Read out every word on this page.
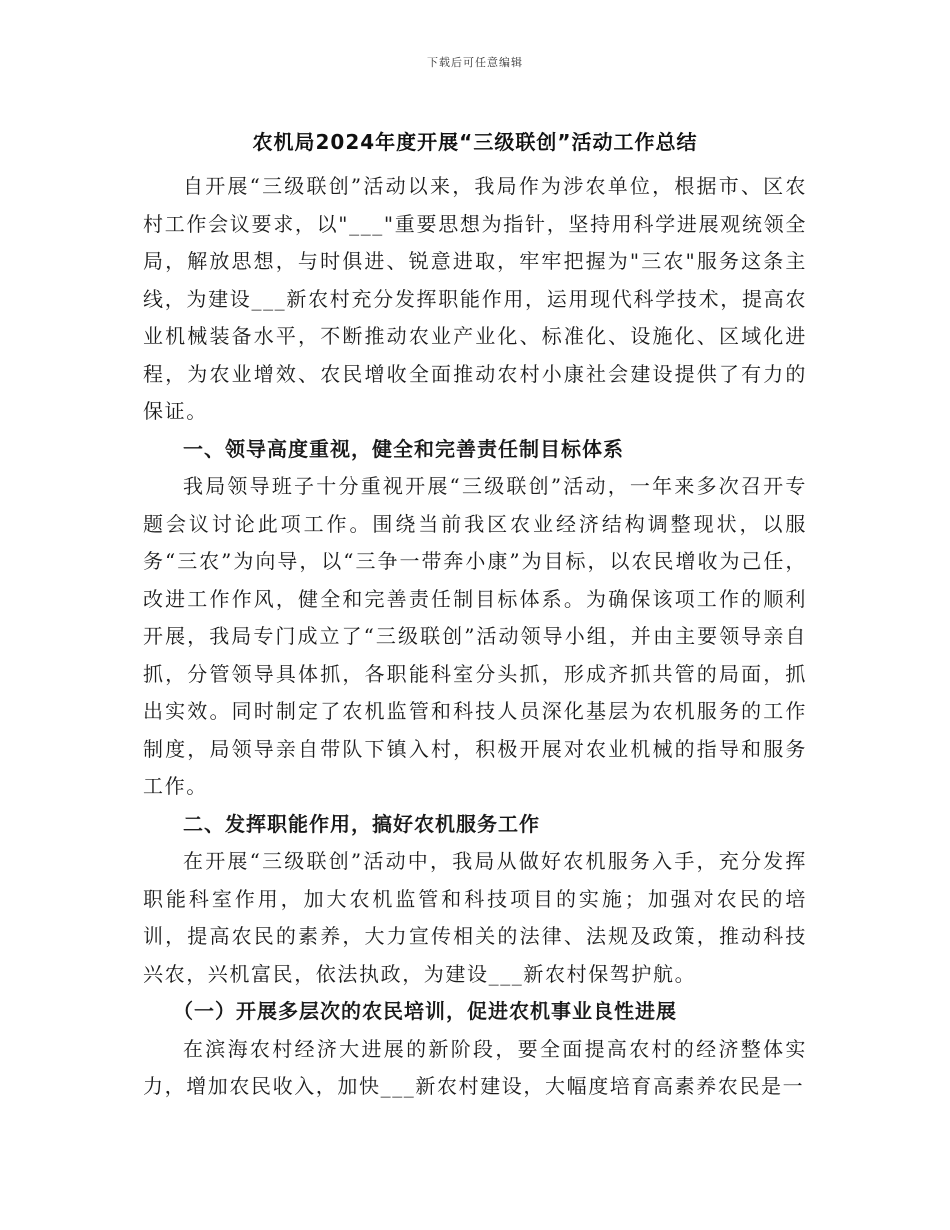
下载后可任意编辑
农机局2024年度开展“三级联创”活动工作总结

自开展“三级联创”活动以来，我局作为涉农单位，根据市、区农村工作会议要求，以"___"重要思想为指针，坚持用科学进展观统领全局，解放思想，与时俱进、锐意进取，牢牢把握为"三农"服务这条主线，为建设___新农村充分发挥职能作用，运用现代科学技术，提高农业机械装备水平，不断推动农业产业化、标准化、设施化、区域化进程，为农业增效、农民增收全面推动农村小康社会建设提供了有力的保证。

一、领导高度重视，健全和完善责任制目标体系

我局领导班子十分重视开展“三级联创”活动，一年来多次召开专题会议讨论此项工作。围绕当前我区农业经济结构调整现状，以服务“三农”为向导，以“三争一带奔小康”为目标，以农民增收为己任，改进工作作风，健全和完善责任制目标体系。为确保该项工作的顺利开展，我局专门成立了“三级联创”活动领导小组，并由主要领导亲自抓，分管领导具体抓，各职能科室分头抓，形成齐抓共管的局面，抓出实效。同时制定了农机监管和科技人员深化基层为农机服务的工作制度，局领导亲自带队下镇入村，积极开展对农业机械的指导和服务工作。

二、发挥职能作用，搞好农机服务工作

在开展“三级联创”活动中，我局从做好农机服务入手，充分发挥职能科室作用，加大农机监管和科技项目的实施；加强对农民的培训，提高农民的素养，大力宣传相关的法律、法规及政策，推动科技兴农，兴机富民，依法执政，为建设___新农村保驾护航。

（一）开展多层次的农民培训，促进农机事业良性进展

在滨海农村经济大进展的新阶段，要全面提高农村的经济整体实力，增加农民收入，加快___新农村建设，大幅度培育高素养农民是一
